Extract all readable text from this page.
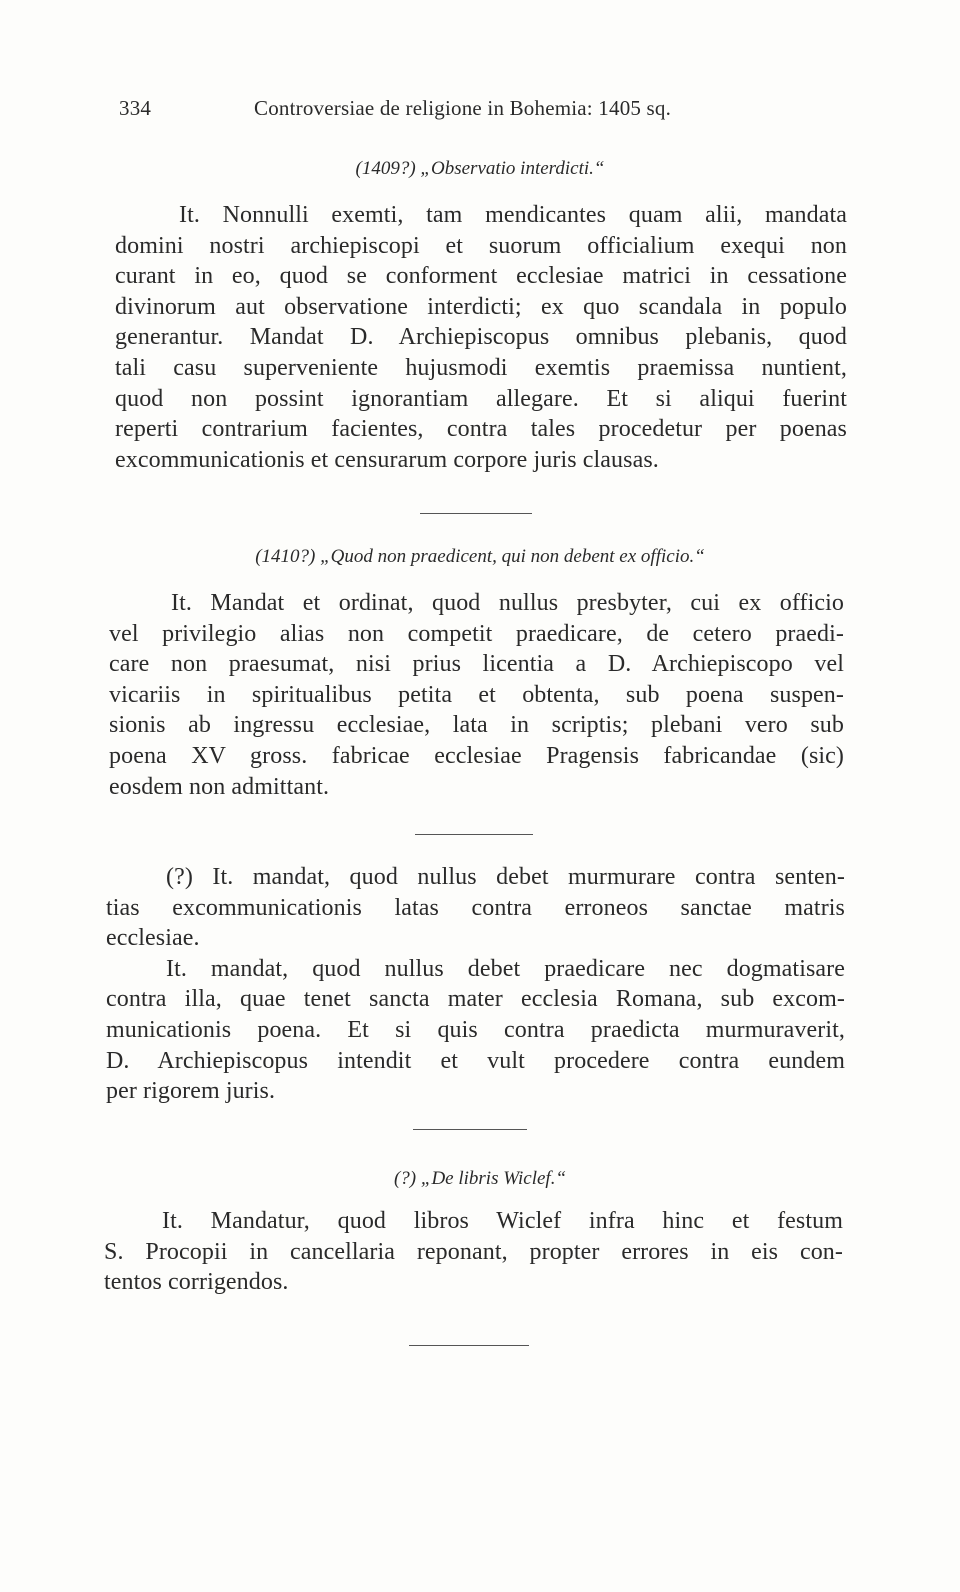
334	Controversiae de religione in Bohemia: 1405 sq.
(1409?) „Observatio interdicti.“
It. Nonnulli exemti, tam mendicantes quam alii, mandata
domini nostri archiepiscopi et suorum officialium exequi non
curant in eo, quod se conforment ecclesiae matrici in cessatione
divinorum aut observatione interdicti; ex quo scandala in populo
generantur. Mandat D. Archiepiscopus omnibus plebanis, quod
tali casu superveniente hujusmodi exemtis praemissa nuntient,
quod non possint ignorantiam allegare. Et si aliqui fuerint
reperti contrarium facientes, contra tales procedetur per poenas
excommunicationis et censurarum corpore juris clausas.
(1410?) „Quod non praedicent, qui non debent ex officio.“
It. Mandat et ordinat, quod nullus presbyter, cui ex officio
vel privilegio alias non competit praedicare, de cetero praedi-
care non praesumat, nisi prius licentia a D. Archiepiscopo vel
vicariis in spiritualibus petita et obtenta, sub poena suspen-
sionis ab ingressu ecclesiae, lata in scriptis; plebani vero sub
poena XV gross. fabricae ecclesiae Pragensis fabricandae (sic)
eosdem non admittant.
(?) It. mandat, quod nullus debet murmurare contra senten-
tias excommunicationis latas contra erroneos sanctae matris
ecclesiae.
It. mandat, quod nullus debet praedicare nec dogmatisare
contra illa, quae tenet sancta mater ecclesia Romana, sub excom-
municationis poena. Et si quis contra praedicta murmuraverit,
D. Archiepiscopus intendit et vult procedere contra eundem
per rigorem juris.
(?) „De libris Wiclef.“
It. Mandatur, quod libros Wiclef infra hinc et festum
S. Procopii in cancellaria reponant, propter errores in eis con-
tentos corrigendos.
